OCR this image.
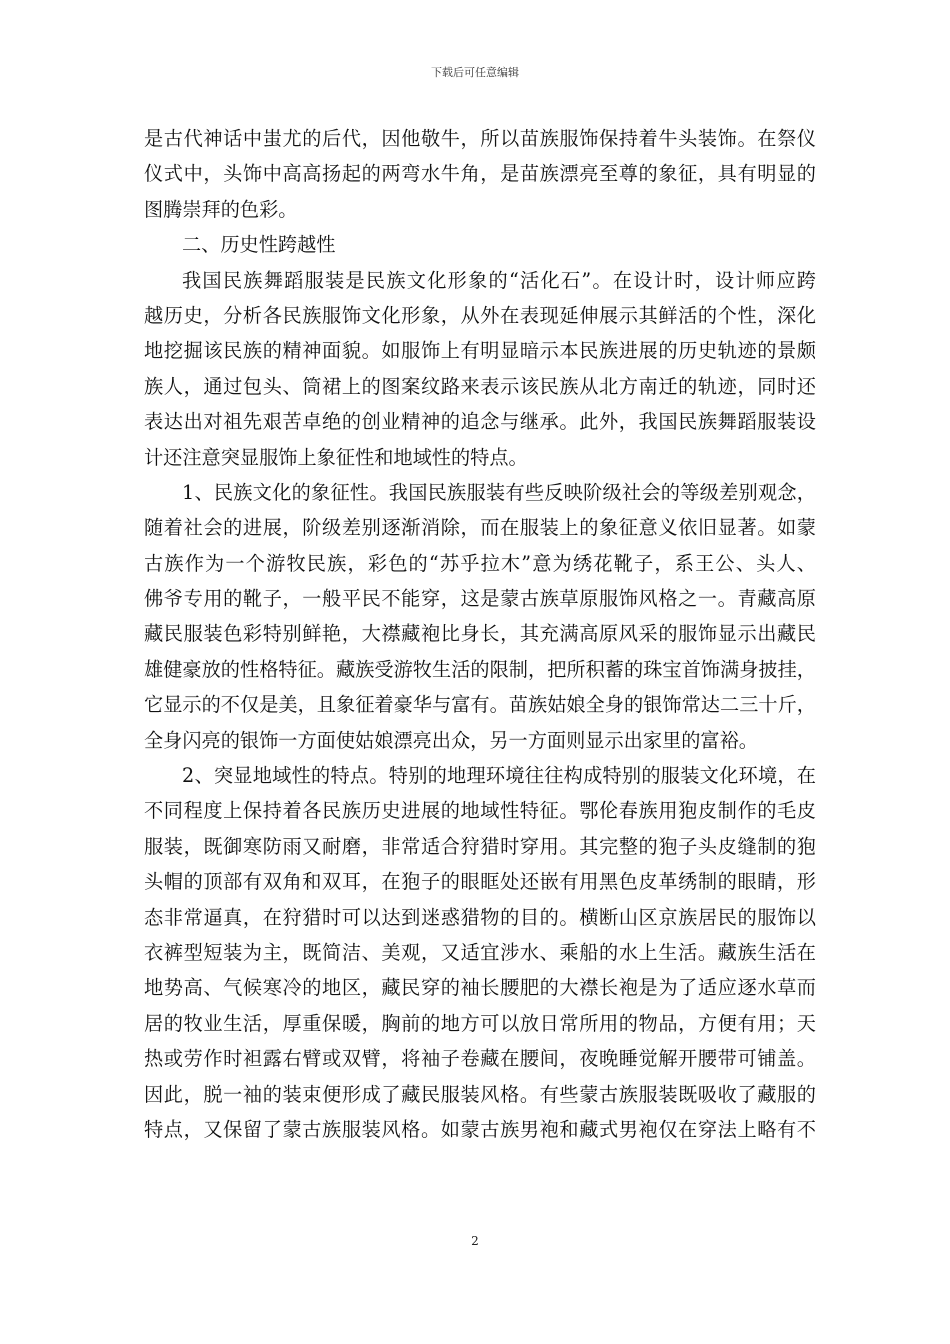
下载后可任意编辑
是古代神话中蚩尤的后代，因他敬牛，所以苗族服饰保持着牛头装饰。在祭仪
仪式中，头饰中高高扬起的两弯水牛角，是苗族漂亮至尊的象征，具有明显的
图腾崇拜的色彩。
二、历史性跨越性
我国民族舞蹈服装是民族文化形象的“活化石”。在设计时，设计师应跨
越历史，分析各民族服饰文化形象，从外在表现延伸展示其鲜活的个性，深化
地挖掘该民族的精神面貌。如服饰上有明显暗示本民族进展的历史轨迹的景颇
族人，通过包头、筒裙上的图案纹路来表示该民族从北方南迁的轨迹，同时还
表达出对祖先艰苦卓绝的创业精神的追念与继承。此外，我国民族舞蹈服装设
计还注意突显服饰上象征性和地域性的特点。
1、民族文化的象征性。我国民族服装有些反映阶级社会的等级差别观念，
随着社会的进展，阶级差别逐渐消除，而在服装上的象征意义依旧显著。如蒙
古族作为一个游牧民族，彩色的“苏乎拉木”意为绣花靴子，系王公、头人、
佛爷专用的靴子，一般平民不能穿，这是蒙古族草原服饰风格之一。青藏高原
藏民服装色彩特别鲜艳，大襟藏袍比身长，其充满高原风采的服饰显示出藏民
雄健豪放的性格特征。藏族受游牧生活的限制，把所积蓄的珠宝首饰满身披挂，
它显示的不仅是美，且象征着豪华与富有。苗族姑娘全身的银饰常达二三十斤，
全身闪亮的银饰一方面使姑娘漂亮出众，另一方面则显示出家里的富裕。
2、突显地域性的特点。特别的地理环境往往构成特别的服装文化环境，在
不同程度上保持着各民族历史进展的地域性特征。鄂伦春族用狍皮制作的毛皮
服装，既御寒防雨又耐磨，非常适合狩猎时穿用。其完整的狍子头皮缝制的狍
头帽的顶部有双角和双耳，在狍子的眼眶处还嵌有用黑色皮革绣制的眼睛，形
态非常逼真，在狩猎时可以达到迷惑猎物的目的。横断山区京族居民的服饰以
衣裤型短装为主，既简洁、美观，又适宜涉水、乘船的水上生活。藏族生活在
地势高、气候寒冷的地区，藏民穿的袖长腰肥的大襟长袍是为了适应逐水草而
居的牧业生活，厚重保暖，胸前的地方可以放日常所用的物品，方便有用；天
热或劳作时袒露右臂或双臂，将袖子卷藏在腰间，夜晚睡觉解开腰带可铺盖。
因此，脱一袖的装束便形成了藏民服装风格。有些蒙古族服装既吸收了藏服的
特点，又保留了蒙古族服装风格。如蒙古族男袍和藏式男袍仅在穿法上略有不
2
